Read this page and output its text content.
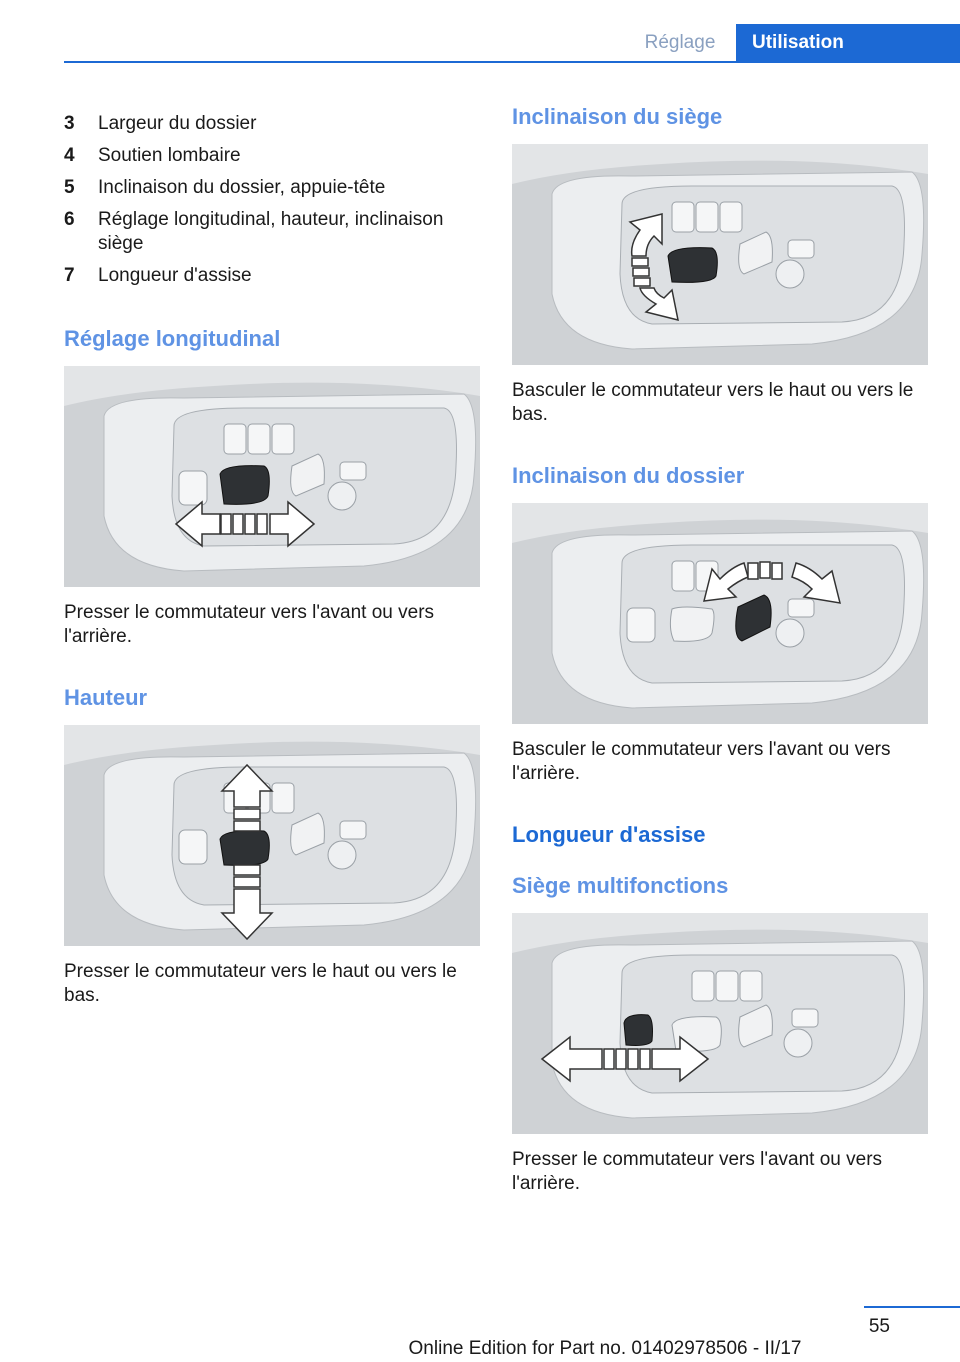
Réglage	Utilisation
3	Largeur du dossier
4	Soutien lombaire
5	Inclinaison du dossier, appuie-tête
6	Réglage longitudinal, hauteur, inclinaison siège
7	Longueur d'assise
Réglage longitudinal
Presser le commutateur vers l'avant ou vers l'arrière.
Hauteur
Presser le commutateur vers le haut ou vers le bas.
Inclinaison du siège
Basculer le commutateur vers le haut ou vers le bas.
Inclinaison du dossier
Basculer le commutateur vers l'avant ou vers l'arrière.
Longueur d'assise
Siège multifonctions
Presser le commutateur vers l'avant ou vers l'arrière.
55
Online Edition for Part no. 01402978506 - II/17
